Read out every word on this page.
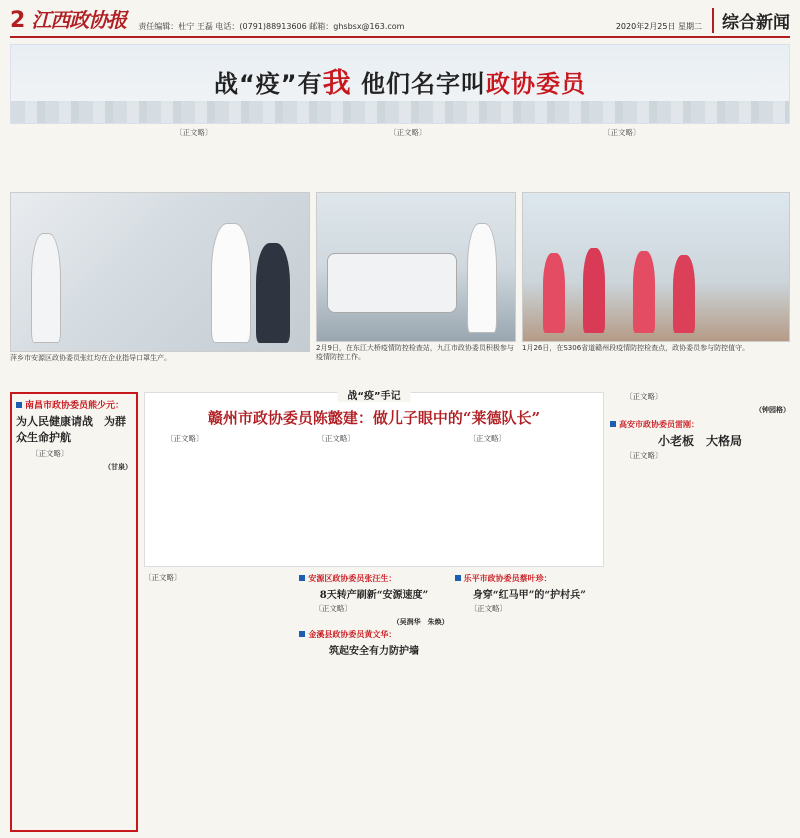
2 江西政协报 责任编辑：杜宁 王磊 电话：(0791)88913606 邮箱：ghsbsx@163.com	2020年2月25日 星期二	综合新闻
战“疫”有我 他们名字叫政协委员
〔正文略〕	〔正文略〕	〔正文略〕
萍乡市安源区政协委员张红均在企业指导口罩生产。
2月9日，在东江大桥疫情防控检查站，九江市政协委员积极参与疫情防控工作。
1月26日，在S306省道赣州段疫情防控检查点，政协委员参与防控值守。
南昌市政协委员熊少元：
为人民健康请战　为群众生命护航
〔正文略〕
（甘泉）
战“疫”手记
赣州市政协委员陈懿建：做儿子眼中的“莱德队长”
〔正文略〕	〔正文略〕	〔正文略〕
〔正文略〕	安源区政协委员张汪生：
8天转产刷新“安源速度”
〔正文略〕
（吴润华　朱焕）
金溪县政协委员黄文华：
筑起安全有力防护墙
乐平市政协委员蔡叶珍：
身穿“红马甲”的“护村兵”
〔正文略〕
〔正文略〕
（钟园格）
高安市政协委员雷刚：
小老板　大格局
〔正文略〕
